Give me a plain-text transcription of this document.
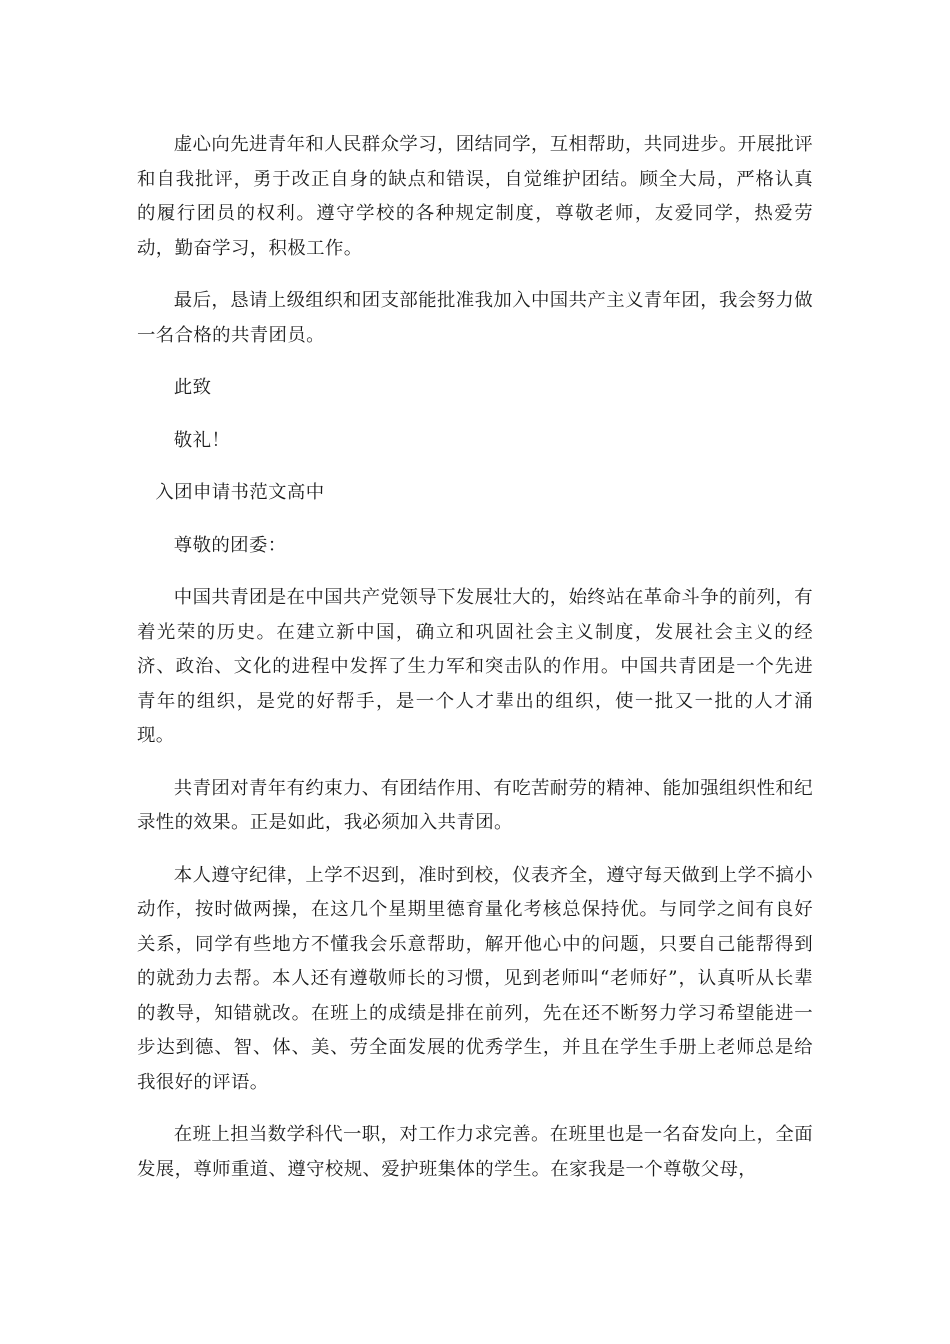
虚心向先进青年和人民群众学习，团结同学，互相帮助，共同进步。开展批评和自我批评，勇于改正自身的缺点和错误，自觉维护团结。顾全大局，严格认真的履行团员的权利。遵守学校的各种规定制度，尊敬老师，友爱同学，热爱劳动，勤奋学习，积极工作。

最后，恳请上级组织和团支部能批准我加入中国共产主义青年团，我会努力做一名合格的共青团员。

此致

敬礼！

入团申请书范文高中

尊敬的团委：

中国共青团是在中国共产党领导下发展壮大的，始终站在革命斗争的前列，有着光荣的历史。在建立新中国，确立和巩固社会主义制度，发展社会主义的经济、政治、文化的进程中发挥了生力军和突击队的作用。中国共青团是一个先进青年的组织，是党的好帮手，是一个人才辈出的组织，使一批又一批的人才涌现。

共青团对青年有约束力、有团结作用、有吃苦耐劳的精神、能加强组织性和纪录性的效果。正是如此，我必须加入共青团。

本人遵守纪律，上学不迟到，准时到校，仪表齐全，遵守每天做到上学不搞小动作，按时做两操，在这几个星期里德育量化考核总保持优。与同学之间有良好关系，同学有些地方不懂我会乐意帮助，解开他心中的问题，只要自己能帮得到的就劲力去帮。本人还有遵敬师长的习惯，见到老师叫“老师好”，认真听从长辈的教导，知错就改。在班上的成绩是排在前列，先在还不断努力学习希望能进一步达到德、智、体、美、劳全面发展的优秀学生，并且在学生手册上老师总是给我很好的评语。

在班上担当数学科代一职，对工作力求完善。在班里也是一名奋发向上，全面发展，尊师重道、遵守校规、爱护班集体的学生。在家我是一个尊敬父母，
